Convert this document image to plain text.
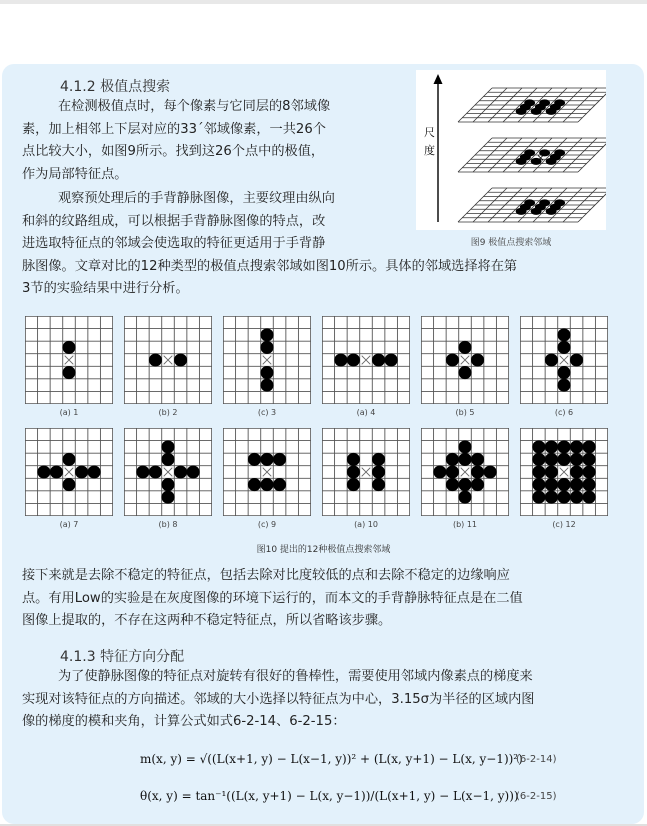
4.1.2 极值点搜索
在检测极值点时，每个像素与它同层的8邻域像
素，加上相邻上下层对应的33´邻域像素，一共26个
点比较大小，如图9所示。找到这26个点中的极值，
作为局部特征点。
观察预处理后的手背静脉图像，主要纹理由纵向
和斜的纹路组成，可以根据手背静脉图像的特点，改
进选取特征点的邻域会使选取的特征更适用于手背静
脉图像。文章对比的12种类型的极值点搜索邻域如图10所示。具体的邻域选择将在第
3节的实验结果中进行分析。
尺
度
×
图9 极值点搜索邻域
(a) 1	(b) 2	(c) 3	(a) 4	(b) 5	(c) 6
(a) 7	(b) 8	(c) 9	(a) 10	(b) 11	(c) 12
图10 提出的12种极值点搜索邻域
接下来就是去除不稳定的特征点，包括去除对比度较低的点和去除不稳定的边缘响应
点。有用Low的实验是在灰度图像的环境下运行的，而本文的手背静脉特征点是在二值
图像上提取的，不存在这两种不稳定特征点，所以省略该步骤。
4.1.3 特征方向分配
为了使静脉图像的特征点对旋转有很好的鲁棒性，需要使用邻域内像素点的梯度来
实现对该特征点的方向描述。邻域的大小选择以特征点为中心，3.15σ为半径的区域内图
像的梯度的模和夹角，计算公式如式6-2-14、6-2-15：
m(x, y) = √((L(x+1, y) − L(x−1, y))² + (L(x, y+1) − L(x, y−1))²)
(6-2-14)
θ(x, y) = tan⁻¹((L(x, y+1) − L(x, y−1))/(L(x+1, y) − L(x−1, y)))
(6-2-15)
